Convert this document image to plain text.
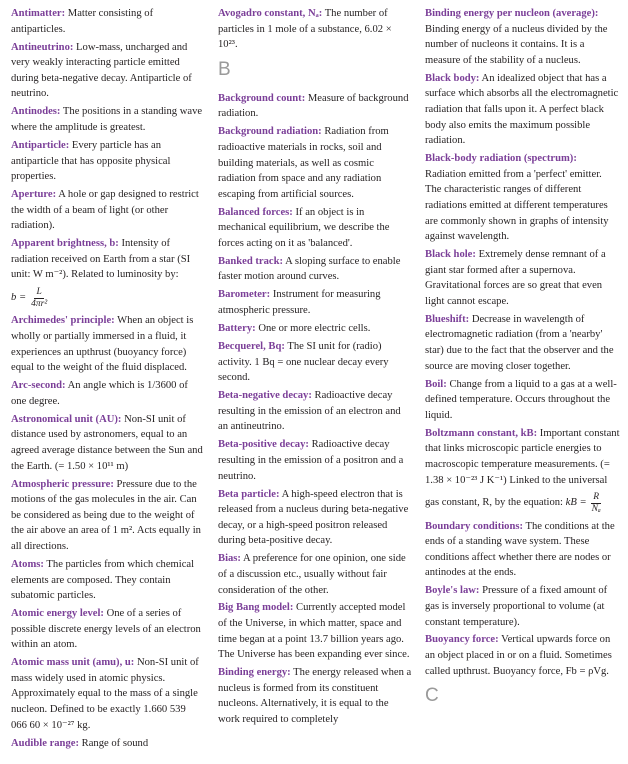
Antimatter: Matter consisting of antiparticles.

Antineutrino: Low-mass, uncharged and very weakly interacting particle emitted during beta-negative decay. Antiparticle of neutrino.

Antinodes: The positions in a standing wave where the amplitude is greatest.

Antiparticle: Every particle has an antiparticle that has opposite physical properties.

Aperture: A hole or gap designed to restrict the width of a beam of light (or other radiation).

Apparent brightness, b: Intensity of radiation received on Earth from a star (SI unit: W m⁻²). Related to luminosity by:
$b = \frac{L}{\text{4πr²}}$

Archimedes' principle: When an object is wholly or partially immersed in a fluid, it experiences an upthrust (buoyancy force) equal to the weight of the fluid displaced.

Arc-second: An angle which is 1/3600 of one degree.

Astronomical unit (AU): Non-SI unit of distance used by astronomers, equal to an agreed average distance between the Sun and the Earth. (= 1.50 × 10¹¹ m)

Atmospheric pressure: Pressure due to the motions of the gas molecules in the air. Can be considered as being due to the weight of the air above an area of 1 m². Acts equally in all directions.

Atoms: The particles from which chemical elements are composed. They contain subatomic particles.

Atomic energy level: One of a series of possible discrete energy levels of an electron within an atom.

Atomic mass unit (amu), u: Non-SI unit of mass widely used in atomic physics. Approximately equal to the mass of a single nucleon. Defined to be exactly 1.660 539 066 60 × 10⁻²⁷ kg.

Audible range: Range of sound

Avogadro constant, Nₐ: The number of particles in 1 mole of a substance, 6.02 × 10²³.

B

Background count: Measure of background radiation.

Background radiation: Radiation from radioactive materials in rocks, soil and building materials, as well as cosmic radiation from space and any radiation escaping from artificial sources.

Balanced forces: If an object is in mechanical equilibrium, we describe the forces acting on it as 'balanced'.

Banked track: A sloping surface to enable faster motion around curves.

Barometer: Instrument for measuring atmospheric pressure.

Battery: One or more electric cells.

Becquerel, Bq: The SI unit for (radio) activity. 1 Bq = one nuclear decay every second.

Beta-negative decay: Radioactive decay resulting in the emission of an electron and an antineutrino.

Beta-positive decay: Radioactive decay resulting in the emission of a positron and a neutrino.

Beta particle: A high-speed electron that is released from a nucleus during beta-negative decay, or a high-speed positron released during beta-positive decay.

Bias: A preference for one opinion, one side of a discussion etc., usually without fair consideration of the other.

Big Bang model: Currently accepted model of the Universe, in which matter, space and time began at a point 13.7 billion years ago. The Universe has been expanding ever since.

Binding energy: The energy released when a nucleus is formed from its constituent nucleons. Alternatively, it is equal to the work required to completely

Binding energy per nucleon (average): Binding energy of a nucleus divided by the number of nucleons it contains. It is a measure of the stability of a nucleus.

Black body: An idealized object that has a surface which absorbs all the electromagnetic radiation that falls upon it. A perfect black body also emits the maximum possible radiation.

Black-body radiation (spectrum): Radiation emitted from a 'perfect' emitter. The characteristic ranges of different radiations emitted at different temperatures are commonly shown in graphs of intensity against wavelength.

Black hole: Extremely dense remnant of a giant star formed after a supernova. Gravitational forces are so great that even light cannot escape.

Blueshift: Decrease in wavelength of electromagnetic radiation (from a 'nearby' star) due to the fact that the observer and the source are moving closer together.

Boil: Change from a liquid to a gas at a well-defined temperature. Occurs throughout the liquid.

Boltzmann constant, kB: Important constant that links microscopic particle energies to macroscopic temperature measurements. (= 1.38 × 10⁻²³ J K⁻¹) Linked to the universal gas constant, R, by the equation: kB = $\frac{R}{\text{Nₐ}}$

Boundary conditions: The conditions at the ends of a standing wave system. These conditions affect whether there are nodes or antinodes at the ends.

Boyle's law: Pressure of a fixed amount of gas is inversely proportional to volume (at constant temperature).

Buoyancy force: Vertical upwards force on an object placed in or on a fluid. Sometimes called upthrust. Buoyancy force, Fb = ρVg.

C
